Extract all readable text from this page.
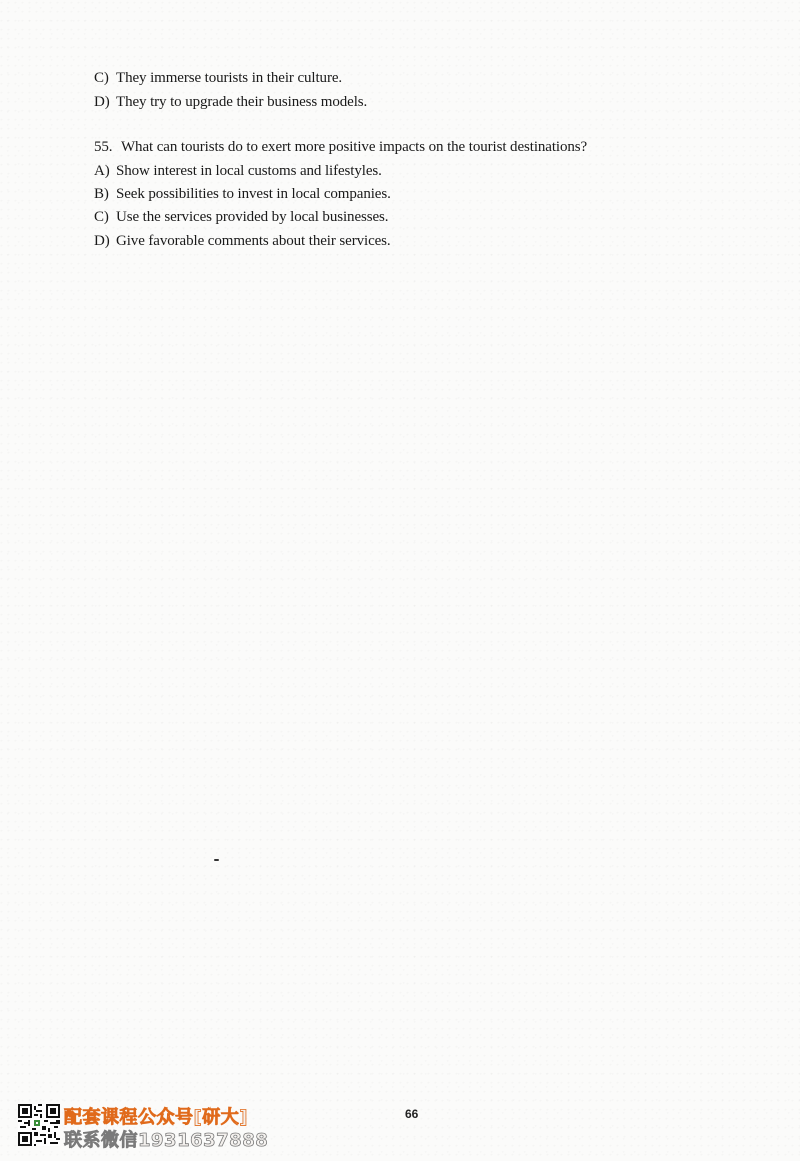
C) They immerse tourists in their culture.
D) They try to upgrade their business models.
55. What can tourists do to exert more positive impacts on the tourist destinations?
A) Show interest in local customs and lifestyles.
B) Seek possibilities to invest in local companies.
C) Use the services provided by local businesses.
D) Give favorable comments about their services.
配套课程公众号[研大]
联系微信1931637888
66
